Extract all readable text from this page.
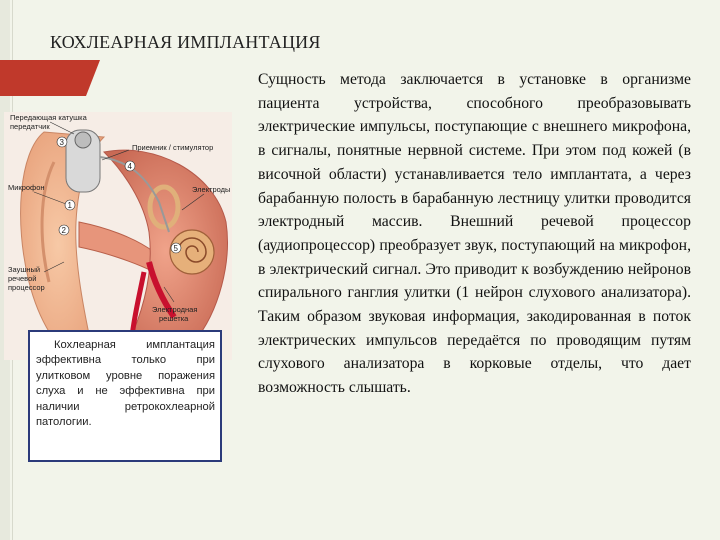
КОХЛЕАРНАЯ ИМПЛАНТАЦИЯ
Сущность метода заключается в установке в организме пациента устройства, способного преобразовывать электрические импульсы, поступающие с внешнего микрофона, в сигналы, понятные нервной системе. При этом под кожей (в височной области) устанавливается тело имплантата, а через барабанную полость в барабанную лестницу улитки проводится электродный массив. Внешний речевой процессор (аудиопроцессор) преобразует звук, поступающий на микрофон, в электрический сигнал. Это приводит к возбуждению нейронов спирального ганглия улитки (1 нейрон слухового анализатора). Таким образом звуковая информация, закодированная в поток электрических импульсов передаётся по проводящим путям слухового анализатора в корковые отделы, что дает возможность слышать.
1
2
3
4
5
Передающая катушка
передатчик
Приемник / стимулятор
Микрофон	Электроды
Заушный
речевой
процессор
Электродная
решетка
Кохлеарная имплантация эффективна только при улитковом уровне поражения слуха и не эффективна при наличии ретрокохлеарной патологии.
